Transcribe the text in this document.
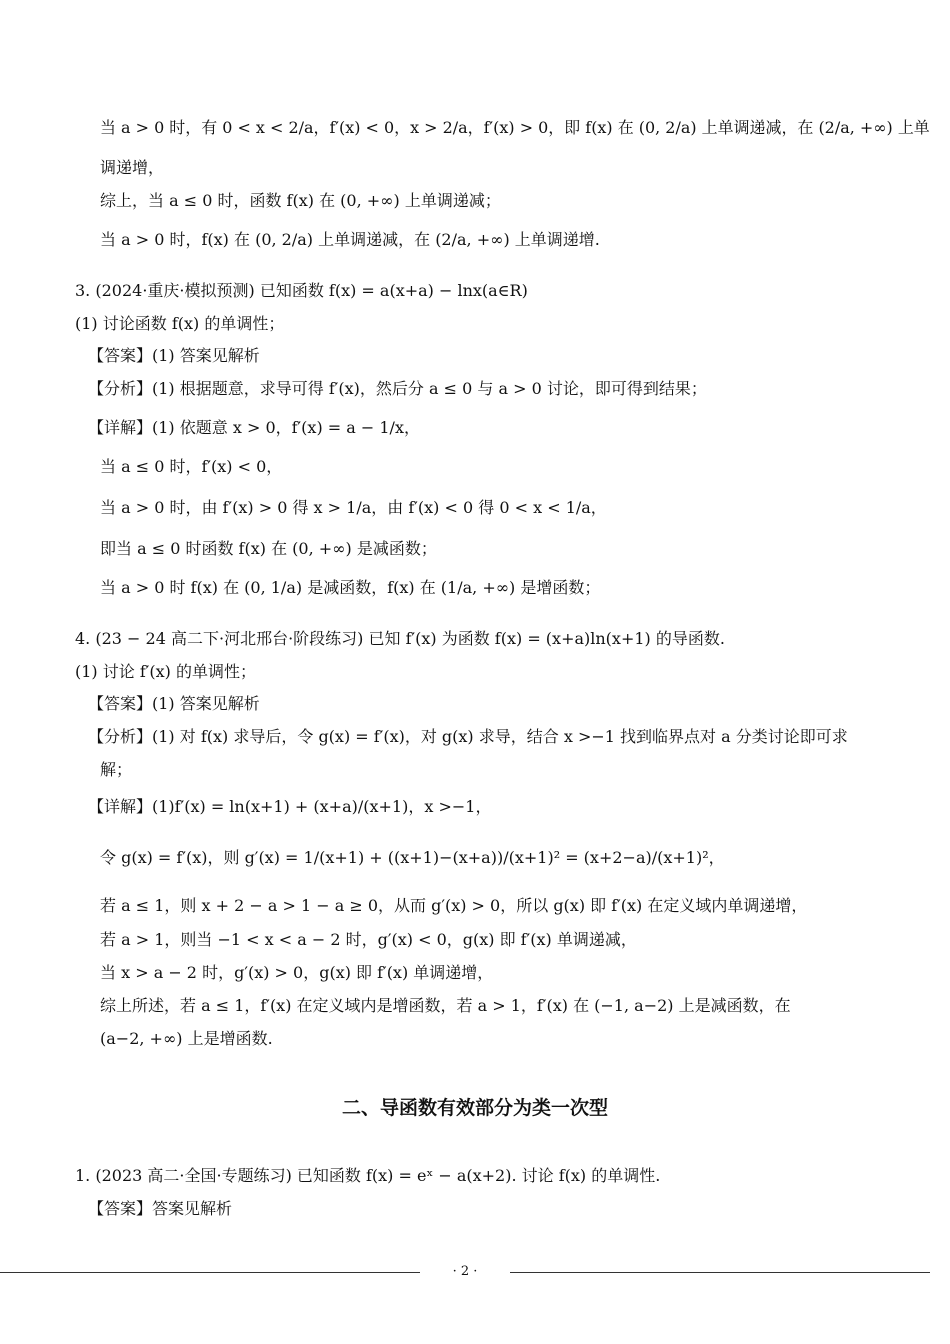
当 a > 0 时，有 0 < x < 2/a，f′(x) < 0，x > 2/a，f′(x) > 0，即 f(x) 在 (0, 2/a) 上单调递减，在 (2/a, +∞) 上单
调递增，
综上，当 a ≤ 0 时，函数 f(x) 在 (0, +∞) 上单调递减；
当 a > 0 时，f(x) 在 (0, 2/a) 上单调递减，在 (2/a, +∞) 上单调递增.
3. (2024·重庆·模拟预测) 已知函数 f(x) = a(x+a) − lnx(a∈R)
(1) 讨论函数 f(x) 的单调性；
【答案】(1) 答案见解析
【分析】(1) 根据题意，求导可得 f′(x)，然后分 a ≤ 0 与 a > 0 讨论，即可得到结果；
【详解】(1) 依题意 x > 0，f′(x) = a − 1/x，
当 a ≤ 0 时，f′(x) < 0，
当 a > 0 时，由 f′(x) > 0 得 x > 1/a，由 f′(x) < 0 得 0 < x < 1/a，
即当 a ≤ 0 时函数 f(x) 在 (0, +∞) 是减函数；
当 a > 0 时 f(x) 在 (0, 1/a) 是减函数，f(x) 在 (1/a, +∞) 是增函数；
4. (23 − 24 高二下·河北邢台·阶段练习) 已知 f′(x) 为函数 f(x) = (x+a)ln(x+1) 的导函数.
(1) 讨论 f′(x) 的单调性；
【答案】(1) 答案见解析
【分析】(1) 对 f(x) 求导后，令 g(x) = f′(x)，对 g(x) 求导，结合 x >−1 找到临界点对 a 分类讨论即可求
解；
【详解】(1)f′(x) = ln(x+1) + (x+a)/(x+1)，x >−1，
令 g(x) = f′(x)，则 g′(x) = 1/(x+1) + ((x+1)−(x+a))/(x+1)² = (x+2−a)/(x+1)²，
若 a ≤ 1，则 x + 2 − a > 1 − a ≥ 0，从而 g′(x) > 0，所以 g(x) 即 f′(x) 在定义域内单调递增，
若 a > 1，则当 −1 < x < a − 2 时，g′(x) < 0，g(x) 即 f′(x) 单调递减，
当 x > a − 2 时，g′(x) > 0，g(x) 即 f′(x) 单调递增，
综上所述，若 a ≤ 1，f′(x) 在定义域内是增函数，若 a > 1，f′(x) 在 (−1, a−2) 上是减函数，在
(a−2, +∞) 上是增函数.
1. (2023 高二·全国·专题练习) 已知函数 f(x) = eˣ − a(x+2). 讨论 f(x) 的单调性.
【答案】答案见解析
二、导函数有效部分为类一次型
· 2 ·
